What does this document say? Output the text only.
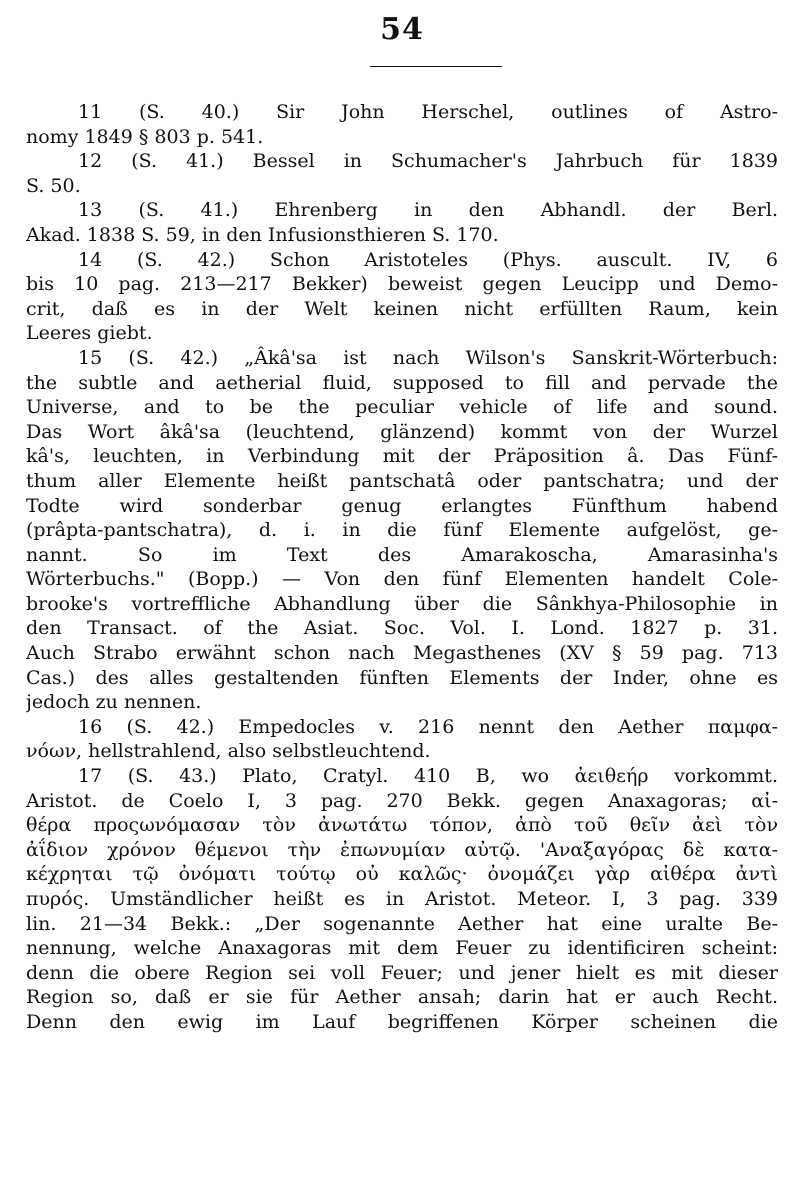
54
11 (S. 40.) Sir John Herschel, outlines of Astro-
nomy 1849 § 803 p. 541.
12 (S. 41.) Bessel in Schumacher's Jahrbuch für 1839
S. 50.
13 (S. 41.) Ehrenberg in den Abhandl. der Berl.
Akad. 1838 S. 59, in den Infusionsthieren S. 170.
14 (S. 42.) Schon Aristoteles (Phys. auscult. IV, 6
bis 10 pag. 213—217 Bekker) beweist gegen Leucipp und Demo-
crit, daß es in der Welt keinen nicht erfüllten Raum, kein
Leeres giebt.
15 (S. 42.) „Âkâ'sa ist nach Wilson's Sanskrit-Wörterbuch:
the subtle and aetherial fluid, supposed to fill and pervade the
Universe, and to be the peculiar vehicle of life and sound.
Das Wort âkâ'sa (leuchtend, glänzend) kommt von der Wurzel
kâ's, leuchten, in Verbindung mit der Präposition â. Das Fünf-
thum aller Elemente heißt pantschatâ oder pantschatra; und der
Todte wird sonderbar genug erlangtes Fünfthum habend
(prâpta-pantschatra), d. i. in die fünf Elemente aufgelöst, ge-
nannt. So im Text des Amarakoscha, Amarasinha's
Wörterbuchs." (Bopp.) — Von den fünf Elementen handelt Cole-
brooke's vortreffliche Abhandlung über die Sânkhya-Philosophie in
den Transact. of the Asiat. Soc. Vol. I. Lond. 1827 p. 31.
Auch Strabo erwähnt schon nach Megasthenes (XV § 59 pag. 713
Cas.) des alles gestaltenden fünften Elements der Inder, ohne es
jedoch zu nennen.
16 (S. 42.) Empedocles v. 216 nennt den Aether παμφα-
νόων, hellstrahlend, also selbstleuchtend.
17 (S. 43.) Plato, Cratyl. 410 B, wo ἀειθεήρ vorkommt.
Aristot. de Coelo I, 3 pag. 270 Bekk. gegen Anaxagoras; αἰ-
θέρα προςωνόμασαν τὸν ἀνωτάτω τόπον, ἀπὸ τοῦ θεῖν ἀεὶ τὸν
ἀΐδιον χρόνον θέμενοι τὴν ἐπωνυμίαν αὐτῷ. 'Αναξαγόρας δὲ κατα-
κέχρηται τῷ ὀνόματι τούτῳ οὐ καλῶς· ὀνομάζει γὰρ αἰθέρα ἀντὶ
πυρός. Umständlicher heißt es in Aristot. Meteor. I, 3 pag. 339
lin. 21—34 Bekk.: „Der sogenannte Aether hat eine uralte Be-
nennung, welche Anaxagoras mit dem Feuer zu identificiren scheint:
denn die obere Region sei voll Feuer; und jener hielt es mit dieser
Region so, daß er sie für Aether ansah; darin hat er auch Recht.
Denn den ewig im Lauf begriffenen Körper scheinen die
